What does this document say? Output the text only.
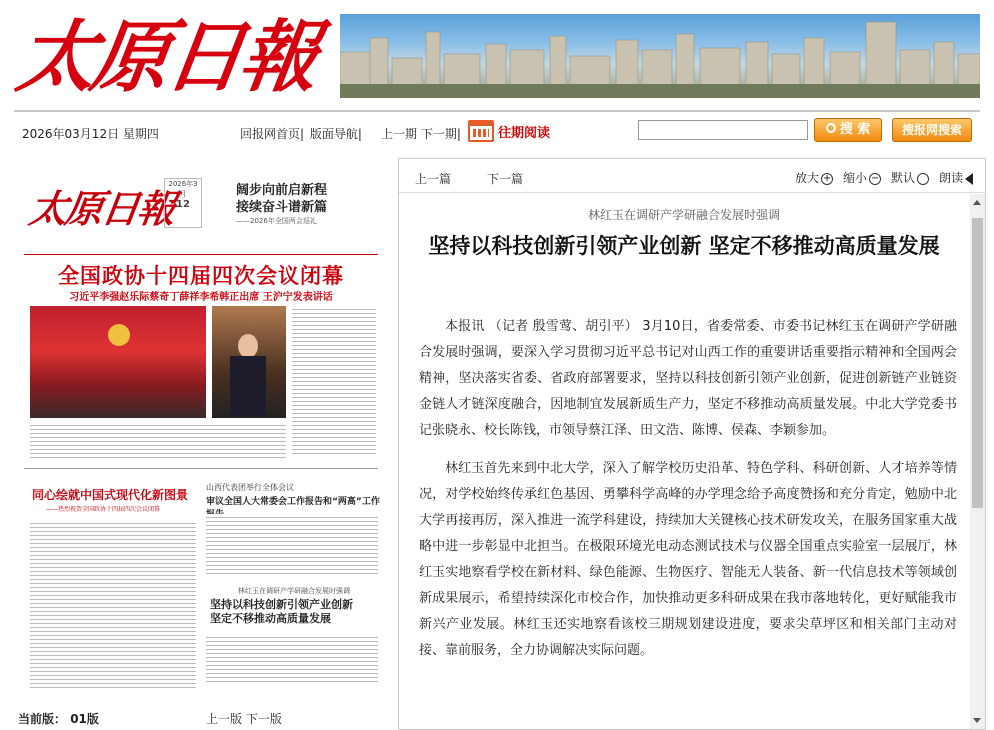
太原日報
2026年03月12日 星期四	回报网首页| 版面导航| 上一期 下一期|	往期阅读	搜 索	搜报网搜索
太原日報
2026年3月
12
阔步向前启新程
接续奋斗谱新篇
——2026年全国两会巡礼
全国政协十四届四次会议闭幕
习近平李强赵乐际蔡奇丁薛祥李希韩正出席 王沪宁发表讲话
同心绘就中国式现代化新图景
——热烈祝贺全国政协十四届四次会议闭幕
山西代表团举行全体会议
审议全国人大常委会工作报告和“两高”工作
林红玉在调研产学研融合发展时强调
坚持以科技创新引领产业创新
坚定不移推动高质量发展
当前版： 01版	上一版 下一版
上一篇	下一篇	放大 + 缩小 − 默认	朗读
林红玉在调研产学研融合发展时强调
坚持以科技创新引领产业创新 坚定不移推动高质量发展

本报讯 （记者 殷雪莺、胡引平） 3月10日，省委常委、市委书记林红玉在调研产学研融合发展时强调，要深入学习贯彻习近平总书记对山西工作的重要讲话重要指示精神和全国两会精神，坚决落实省委、省政府部署要求，坚持以科技创新引领产业创新，促进创新链产业链资金链人才链深度融合，因地制宜发展新质生产力，坚定不移推动高质量发展。中北大学党委书记张晓永、校长陈钱，市领导蔡江泽、田文浩、陈博、侯森、李颖参加。

林红玉首先来到中北大学，深入了解学校历史沿革、特色学科、科研创新、人才培养等情况，对学校始终传承红色基因、勇攀科学高峰的办学理念给予高度赞扬和充分肯定，勉励中北大学再接再厉，深入推进一流学科建设，持续加大关键核心技术研发攻关，在服务国家重大战略中进一步彰显中北担当。在极限环境光电动态测试技术与仪器全国重点实验室一层展厅，林红玉实地察看学校在新材料、绿色能源、生物医疗、智能无人装备、新一代信息技术等领域创新成果展示，希望持续深化市校合作，加快推动更多科研成果在我市落地转化，更好赋能我市新兴产业发展。林红玉还实地察看该校三期规划建设进度，要求尖草坪区和相关部门主动对接、靠前服务，全力协调解决实际问题。
